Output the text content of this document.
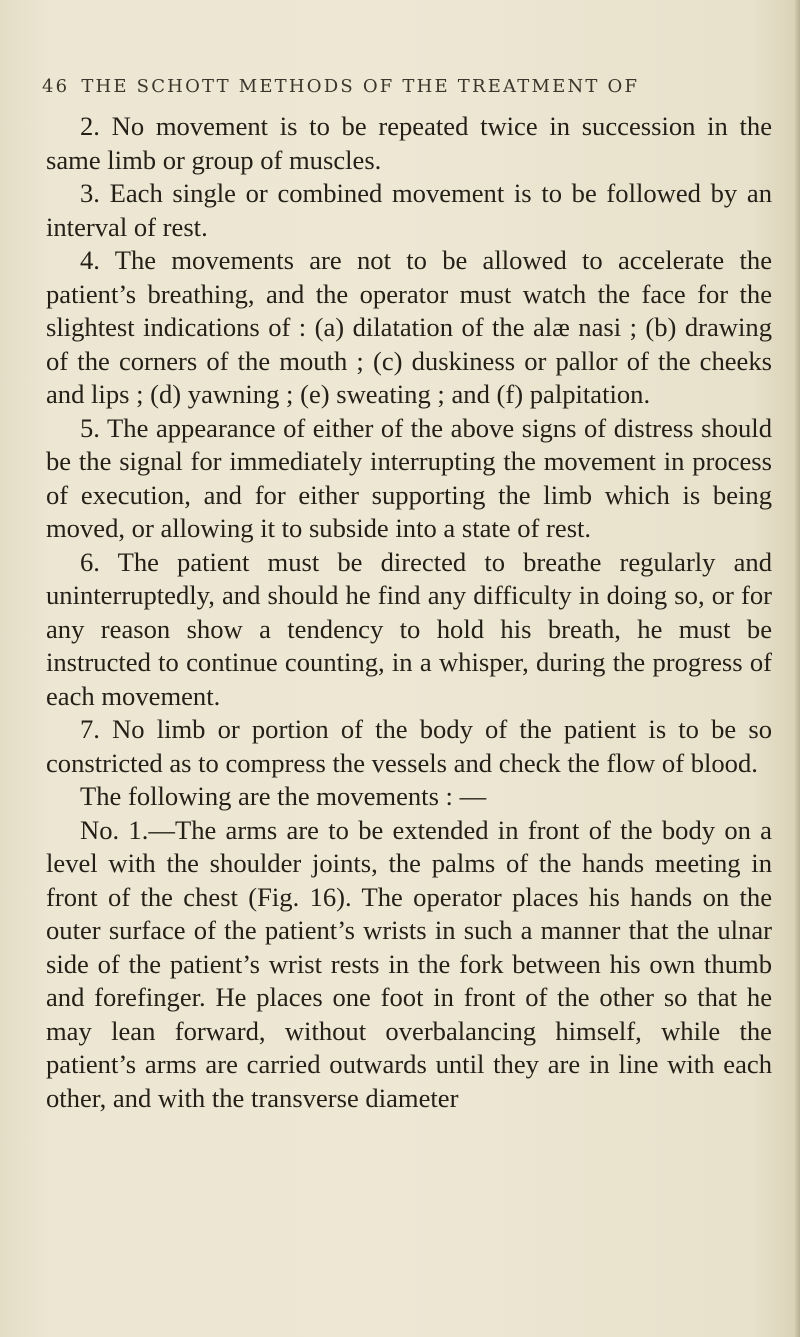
46 THE SCHOTT METHODS OF THE TREATMENT OF

2. No movement is to be repeated twice in succession in the same limb or group of muscles.

3. Each single or combined movement is to be followed by an interval of rest.

4. The movements are not to be allowed to accelerate the patient’s breathing, and the operator must watch the face for the slightest indications of : (a) dilatation of the alæ nasi ; (b) drawing of the corners of the mouth ; (c) duskiness or pallor of the cheeks and lips ; (d) yawning ; (e) sweating ; and (f) palpitation.

5. The appearance of either of the above signs of distress should be the signal for immediately interrupting the movement in process of execution, and for either supporting the limb which is being moved, or allowing it to subside into a state of rest.

6. The patient must be directed to breathe regularly and uninterruptedly, and should he find any difficulty in doing so, or for any reason show a tendency to hold his breath, he must be instructed to continue counting, in a whisper, during the progress of each movement.

7. No limb or portion of the body of the patient is to be so constricted as to compress the vessels and check the flow of blood.

The following are the movements : —

No. 1.—The arms are to be extended in front of the body on a level with the shoulder joints, the palms of the hands meeting in front of the chest (Fig. 16). The operator places his hands on the outer surface of the patient’s wrists in such a manner that the ulnar side of the patient’s wrist rests in the fork between his own thumb and forefinger. He places one foot in front of the other so that he may lean forward, without overbalancing himself, while the patient’s arms are carried outwards until they are in line with each other, and with the transverse diameter
